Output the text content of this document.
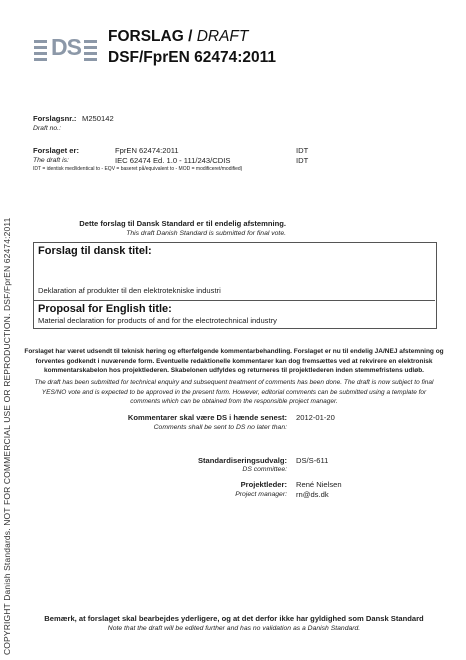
DS FORSLAG / DRAFT
DSF/FprEN 62474:2011
COPYRIGHT Danish Standards. NOT FOR COMMERCIAL USE OR REPRODUCTION. DSF/FprEN 62474:2011
Forslagsnr.: M250142
Draft no.:
Forslaget er:	FprEN 62474:2011	IDT
The draft is:	IEC 62474 Ed. 1.0 - 111/243/CDIS	IDT
IDT = identisk med/identical to - EQV = baseret på/equivalent to - MOD = modificeret/modified)
Dette forslag til Dansk Standard er til endelig afstemning.
This draft Danish Standard is submitted for final vote.
Forslag til dansk titel:
Deklaration af produkter til den elektrotekniske industri
Proposal for English title:
Material declaration for products of and for the electrotechnical industry
Forslaget har været udsendt til teknisk høring og efterfølgende kommentarbehandling. Forslaget er nu til endelig JA/NEJ afstemning og
forventes godkendt i nuværende form. Eventuelle redaktionelle kommentarer kan dog fremsættes ved at rekvirere en elektronisk
kommentarskabelon hos projektlederen. Skabelonen udfyldes og returneres til projektlederen inden stemmefristens udløb.
The draft has been submitted for technical enquiry and subsequent treatment of comments has been done. The draft is now subject to final
YES/NO vote and is expected to be approved in the present form. However, editorial comments can be submitted using a template for
comments which can be obtained from the responsible project manager.
Kommentarer skal være DS i hænde senest: 2012-01-20
Comments shall be sent to DS no later than:
Standardiseringsudvalg: DS/S-611
DS committee:
Projektleder: René Nielsen
Project manager: rn@ds.dk
Bemærk, at forslaget skal bearbejdes yderligere, og at det derfor ikke har gyldighed som Dansk Standard
Note that the draft will be edited further and has no validation as a Danish Standard.
